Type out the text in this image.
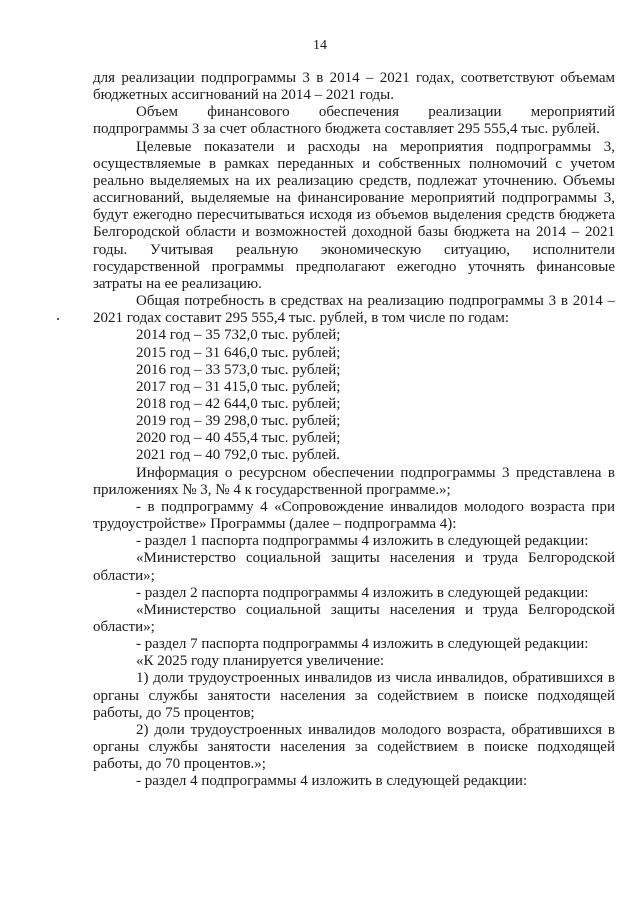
14

для реализации подпрограммы 3 в 2014 – 2021 годах, соответствуют объемам бюджетных ассигнований на 2014 – 2021 годы.

Объем финансового обеспечения реализации мероприятий
подпрограммы 3 за счет областного бюджета составляет 295 555,4 тыс. рублей.

Целевые показатели и расходы на мероприятия подпрограммы 3, осуществляемые в рамках переданных и собственных полномочий с учетом реально выделяемых на их реализацию средств, подлежат уточнению. Объемы ассигнований, выделяемые на финансирование мероприятий подпрограммы 3, будут ежегодно пересчитываться исходя из объемов выделения средств бюджета Белгородской области и возможностей доходной базы бюджета на 2014 – 2021 годы. Учитывая реальную экономическую ситуацию, исполнители государственной программы предполагают ежегодно уточнять финансовые затраты на ее реализацию.

Общая потребность в средствах на реализацию подпрограммы 3 в 2014 – 2021 годах составит 295 555,4 тыс. рублей, в том числе по годам:

2014 год – 35 732,0 тыс. рублей;
2015 год – 31 646,0 тыс. рублей;
2016 год – 33 573,0 тыс. рублей;
2017 год – 31 415,0 тыс. рублей;
2018 год – 42 644,0 тыс. рублей;
2019 год – 39 298,0 тыс. рублей;
2020 год – 40 455,4 тыс. рублей;
2021 год – 40 792,0 тыс. рублей.

Информация о ресурсном обеспечении подпрограммы 3 представлена в приложениях № 3, № 4 к государственной программе.»;

- в подпрограмму 4 «Сопровождение инвалидов молодого возраста при трудоустройстве» Программы (далее – подпрограмма 4):

- раздел 1 паспорта подпрограммы 4 изложить в следующей редакции:

«Министерство социальной защиты населения и труда Белгородской области»;

- раздел 2 паспорта подпрограммы 4 изложить в следующей редакции:

«Министерство социальной защиты населения и труда Белгородской области»;

- раздел 7 паспорта подпрограммы 4 изложить в следующей редакции:

«К 2025 году планируется увеличение:

1) доли трудоустроенных инвалидов из числа инвалидов, обратившихся в органы службы занятости населения за содействием в поиске подходящей работы, до 75 процентов;

2) доли трудоустроенных инвалидов молодого возраста, обратившихся в органы службы занятости населения за содействием в поиске подходящей работы, до 70 процентов.»;

- раздел 4 подпрограммы 4 изложить в следующей редакции:
